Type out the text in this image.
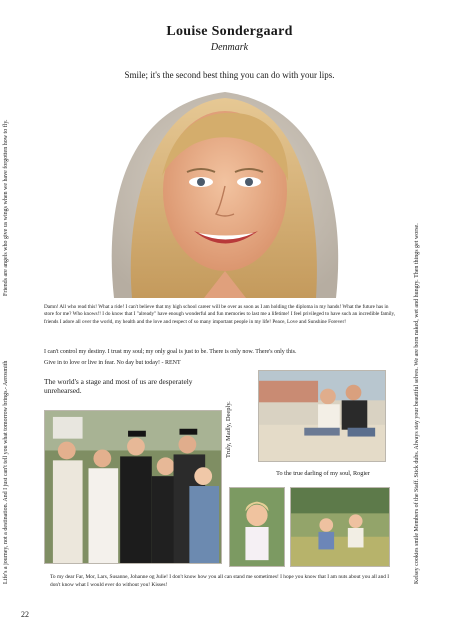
Louise Sondergaard
Denmark
Smile; it's the second best thing you can do with your lips.
Friends are angels who give us wings when we have forgotten how to fly.
Life's a journey, not a destination. And I just can't tell you what tomorrow brings.- Aerosmith	Kelsey cookies smile Members of the Staff. Stick dubs. Always stay your beautiful selves. We are born naked, wet and hungry. Then things get worse.

Damn! All who read this! What a ride! I can't believe that my high school career will be over as soon as I am holding the diploma in my hands! What the future has in store for me? Who knows!! I do know that I "already" have enough wonderful and fun memories to last me a lifetime! I feel privileged to have such an incredible family, friends I adore all over the world, my health and the love and respect of so many important people in my life! Peace, Love and Sunshine Forever!

I can't control my destiny. I trust my soul; my only goal is just to be. There is only now. There's only this.

Give in to love or live in fear. No day but today! - RENT

The world's a stage and most of us are desperately unrehearsed.

Truly, Madly, Deeply.
To the true darling of my soul, Rogier

To my dear Far, Mor, Lars, Susanne, Johanne og Julie! I don't know how you all can stand me sometimes! I hope you know that I am nuts about you all and I don't know what I would ever do without you! Kisses!

22
